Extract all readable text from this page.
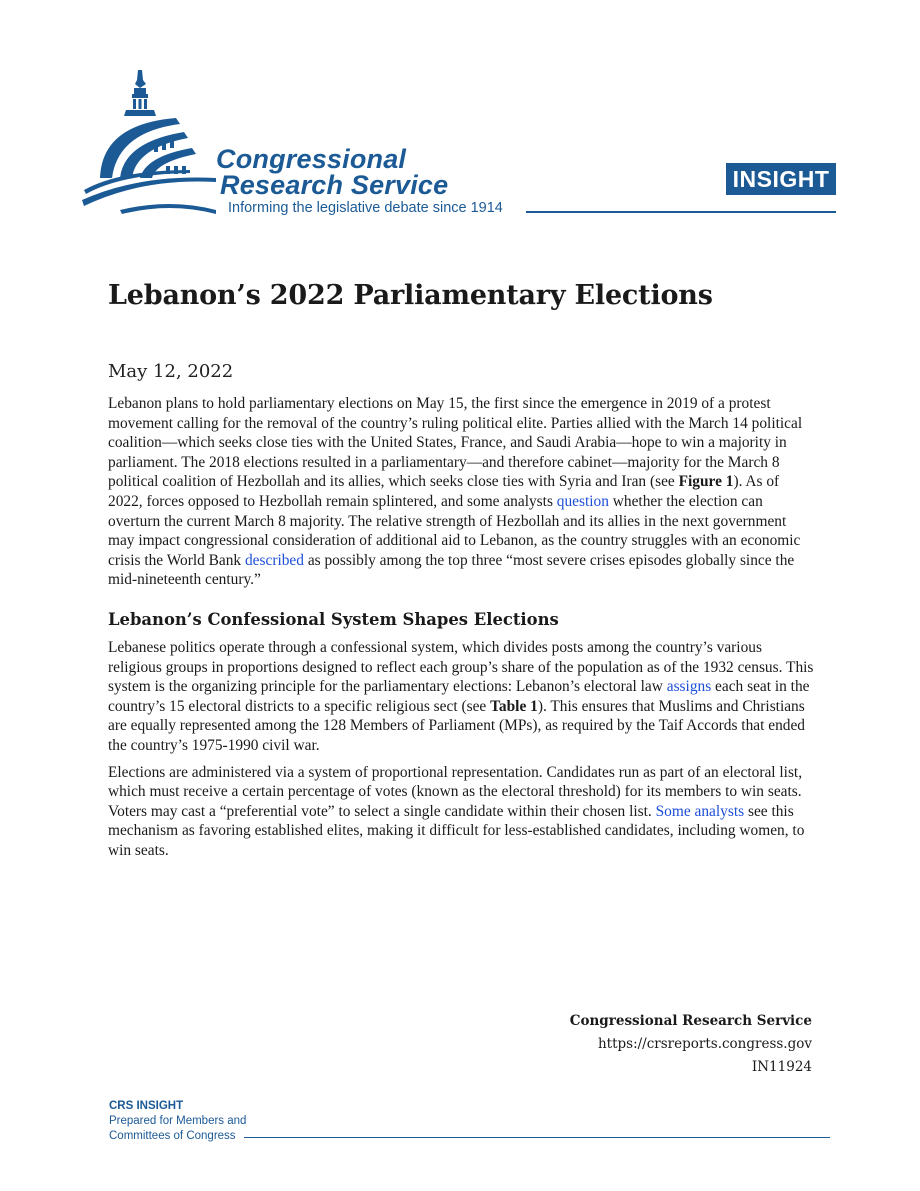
Congressional
Research Service
Informing the legislative debate since 1914
INSIGHT
Lebanon’s 2022 Parliamentary Elections
May 12, 2022

Lebanon plans to hold parliamentary elections on May 15, the first since the emergence in 2019 of a protest movement calling for the removal of the country’s ruling political elite. Parties allied with the March 14 political coalition—which seeks close ties with the United States, France, and Saudi Arabia—hope to win a majority in parliament. The 2018 elections resulted in a parliamentary—and therefore cabinet—majority for the March 8 political coalition of Hezbollah and its allies, which seeks close ties with Syria and Iran (see Figure 1). As of 2022, forces opposed to Hezbollah remain splintered, and some analysts question whether the election can overturn the current March 8 majority. The relative strength of Hezbollah and its allies in the next government may impact congressional consideration of additional aid to Lebanon, as the country struggles with an economic crisis the World Bank described as possibly among the top three “most severe crises episodes globally since the mid-nineteenth century.”

Lebanon’s Confessional System Shapes Elections

Lebanese politics operate through a confessional system, which divides posts among the country’s various religious groups in proportions designed to reflect each group’s share of the population as of the 1932 census. This system is the organizing principle for the parliamentary elections: Lebanon’s electoral law assigns each seat in the country’s 15 electoral districts to a specific religious sect (see Table 1). This ensures that Muslims and Christians are equally represented among the 128 Members of Parliament (MPs), as required by the Taif Accords that ended the country’s 1975-1990 civil war.

Elections are administered via a system of proportional representation. Candidates run as part of an electoral list, which must receive a certain percentage of votes (known as the electoral threshold) for its members to win seats. Voters may cast a “preferential vote” to select a single candidate within their chosen list. Some analysts see this mechanism as favoring established elites, making it difficult for less-established candidates, including women, to win seats.

Congressional Research Service
https://crsreports.congress.gov
IN11924
CRS INSIGHT
Prepared for Members and
Committees of Congress
